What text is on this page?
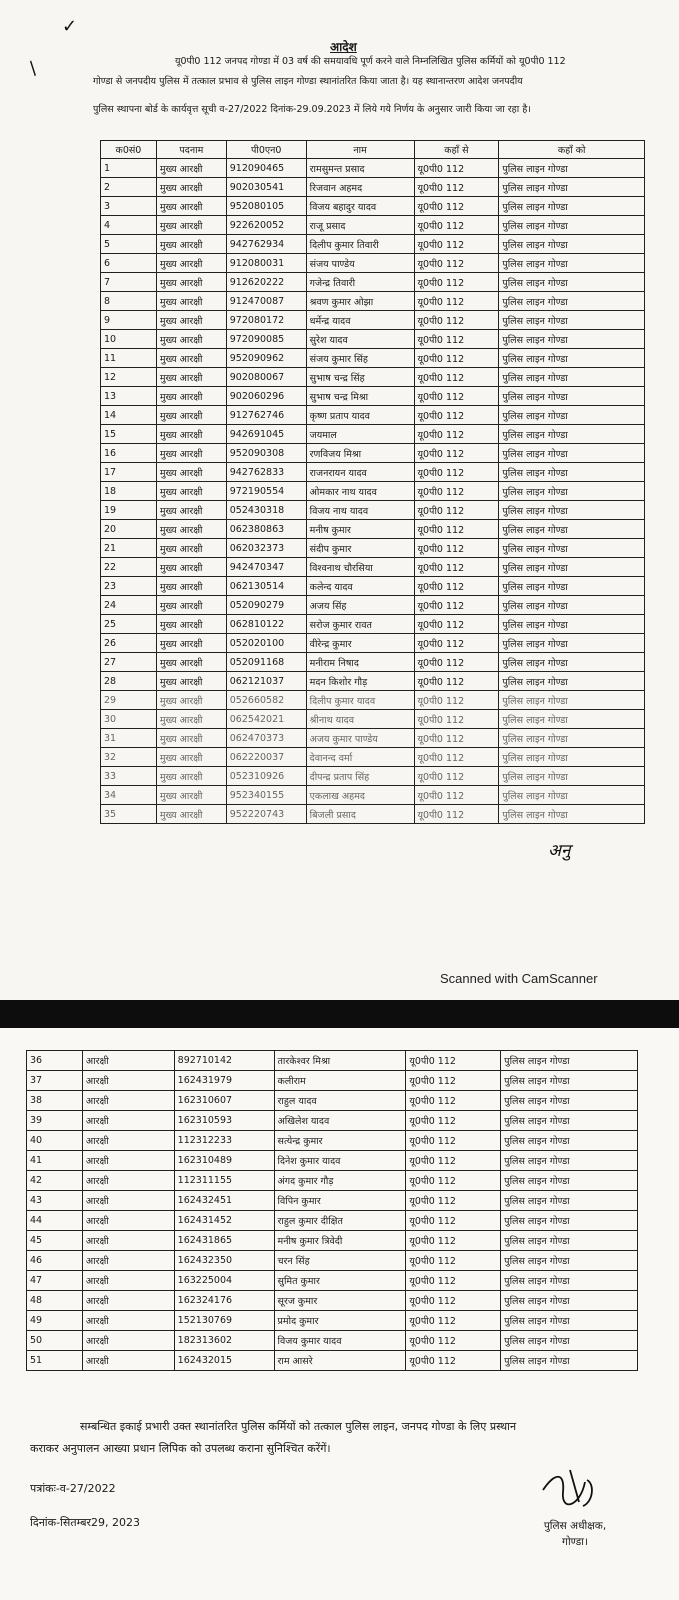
✓
/
आदेश
यू0पी0 112 जनपद गोण्डा में 03 वर्ष की समयावधि पूर्ण करने वाले निम्नलिखित पुलिस कर्मियों को यू0पी0 112
गोण्डा से जनपदीय पुलिस में तत्काल प्रभाव से पुलिस लाइन गोण्डा स्थानांतरित किया जाता है। यह स्थानान्तरण आदेश जनपदीय
पुलिस स्थापना बोर्ड के कार्यवृत्त सूची व-27/2022 दिनांक-29.09.2023 में लिये गये निर्णय के अनुसार जारी किया जा रहा है।
क0सं0	पदनाम	पी0एन0	नाम	कहाँ से	कहाँ को
1	मुख्य आरक्षी	912090465	रामसुमन्त प्रसाद	यू0पी0 112	पुलिस लाइन गोण्डा
2	मुख्य आरक्षी	902030541	रिजवान अहमद	यू0पी0 112	पुलिस लाइन गोण्डा
3	मुख्य आरक्षी	952080105	विजय बहादुर यादव	यू0पी0 112	पुलिस लाइन गोण्डा
4	मुख्य आरक्षी	922620052	राजू प्रसाद	यू0पी0 112	पुलिस लाइन गोण्डा
5	मुख्य आरक्षी	942762934	दिलीप कुमार तिवारी	यू0पी0 112	पुलिस लाइन गोण्डा
6	मुख्य आरक्षी	912080031	संजय पाण्डेय	यू0पी0 112	पुलिस लाइन गोण्डा
7	मुख्य आरक्षी	912620222	गजेन्द्र तिवारी	यू0पी0 112	पुलिस लाइन गोण्डा
8	मुख्य आरक्षी	912470087	श्रवण कुमार ओझा	यू0पी0 112	पुलिस लाइन गोण्डा
9	मुख्य आरक्षी	972080172	धर्मेन्द्र यादव	यू0पी0 112	पुलिस लाइन गोण्डा
10	मुख्य आरक्षी	972090085	सुरेश यादव	यू0पी0 112	पुलिस लाइन गोण्डा
11	मुख्य आरक्षी	952090962	संजय कुमार सिंह	यू0पी0 112	पुलिस लाइन गोण्डा
12	मुख्य आरक्षी	902080067	सुभाष चन्द्र सिंह	यू0पी0 112	पुलिस लाइन गोण्डा
13	मुख्य आरक्षी	902060296	सुभाष चन्द्र मिश्रा	यू0पी0 112	पुलिस लाइन गोण्डा
14	मुख्य आरक्षी	912762746	कृष्ण प्रताप यादव	यू0पी0 112	पुलिस लाइन गोण्डा
15	मुख्य आरक्षी	942691045	जयमाल	यू0पी0 112	पुलिस लाइन गोण्डा
16	मुख्य आरक्षी	952090308	रणविजय मिश्रा	यू0पी0 112	पुलिस लाइन गोण्डा
17	मुख्य आरक्षी	942762833	राजनरायन यादव	यू0पी0 112	पुलिस लाइन गोण्डा
18	मुख्य आरक्षी	972190554	ओमकार नाथ यादव	यू0पी0 112	पुलिस लाइन गोण्डा
19	मुख्य आरक्षी	052430318	विजय नाथ यादव	यू0पी0 112	पुलिस लाइन गोण्डा
20	मुख्य आरक्षी	062380863	मनीष कुमार	यू0पी0 112	पुलिस लाइन गोण्डा
21	मुख्य आरक्षी	062032373	संदीप कुमार	यू0पी0 112	पुलिस लाइन गोण्डा
22	मुख्य आरक्षी	942470347	विश्वनाथ चौरसिया	यू0पी0 112	पुलिस लाइन गोण्डा
23	मुख्य आरक्षी	062130514	कलेन्द यादव	यू0पी0 112	पुलिस लाइन गोण्डा
24	मुख्य आरक्षी	052090279	अजय सिंह	यू0पी0 112	पुलिस लाइन गोण्डा
25	मुख्य आरक्षी	062810122	सरोज कुमार रावत	यू0पी0 112	पुलिस लाइन गोण्डा
26	मुख्य आरक्षी	052020100	वीरेन्द्र कुमार	यू0पी0 112	पुलिस लाइन गोण्डा
27	मुख्य आरक्षी	052091168	मनीराम निषाद	यू0पी0 112	पुलिस लाइन गोण्डा
28	मुख्य आरक्षी	062121037	मदन किशोर गौड़	यू0पी0 112	पुलिस लाइन गोण्डा
29	मुख्य आरक्षी	052660582	दिलीप कुमार यादव	यू0पी0 112	पुलिस लाइन गोण्डा
30	मुख्य आरक्षी	062542021	श्रीनाथ यादव	यू0पी0 112	पुलिस लाइन गोण्डा
31	मुख्य आरक्षी	062470373	अजय कुमार पाण्डेय	यू0पी0 112	पुलिस लाइन गोण्डा
32	मुख्य आरक्षी	062220037	देवानन्द वर्मा	यू0पी0 112	पुलिस लाइन गोण्डा
33	मुख्य आरक्षी	052310926	दीपन्द्र प्रताप सिंह	यू0पी0 112	पुलिस लाइन गोण्डा
34	मुख्य आरक्षी	952340155	एकलाख अहमद	यू0पी0 112	पुलिस लाइन गोण्डा
35	मुख्य आरक्षी	952220743	बिजली प्रसाद	यू0पी0 112	पुलिस लाइन गोण्डा
अनु
Scanned with CamScanner
36	आरक्षी	892710142	तारकेश्वर मिश्रा	यू0पी0 112	पुलिस लाइन गोण्डा
37	आरक्षी	162431979	कलीराम	यू0पी0 112	पुलिस लाइन गोण्डा
38	आरक्षी	162310607	राहुल यादव	यू0पी0 112	पुलिस लाइन गोण्डा
39	आरक्षी	162310593	अखिलेश यादव	यू0पी0 112	पुलिस लाइन गोण्डा
40	आरक्षी	112312233	सत्येन्द्र कुमार	यू0पी0 112	पुलिस लाइन गोण्डा
41	आरक्षी	162310489	दिनेश कुमार यादव	यू0पी0 112	पुलिस लाइन गोण्डा
42	आरक्षी	112311155	अंगद कुमार गौड़	यू0पी0 112	पुलिस लाइन गोण्डा
43	आरक्षी	162432451	विपिन कुमार	यू0पी0 112	पुलिस लाइन गोण्डा
44	आरक्षी	162431452	राहुल कुमार दीक्षित	यू0पी0 112	पुलिस लाइन गोण्डा
45	आरक्षी	162431865	मनीष कुमार त्रिवेदी	यू0पी0 112	पुलिस लाइन गोण्डा
46	आरक्षी	162432350	चरन सिंह	यू0पी0 112	पुलिस लाइन गोण्डा
47	आरक्षी	163225004	सुमित कुमार	यू0पी0 112	पुलिस लाइन गोण्डा
48	आरक्षी	162324176	सूरज कुमार	यू0पी0 112	पुलिस लाइन गोण्डा
49	आरक्षी	152130769	प्रमोद कुमार	यू0पी0 112	पुलिस लाइन गोण्डा
50	आरक्षी	182313602	विजय कुमार यादव	यू0पी0 112	पुलिस लाइन गोण्डा
51	आरक्षी	162432015	राम आसरे	यू0पी0 112	पुलिस लाइन गोण्डा
सम्बन्धित इकाई प्रभारी उक्त स्थानांतरित पुलिस कर्मियों को तत्काल पुलिस लाइन, जनपद गोण्डा के लिए प्रस्थान
कराकर अनुपालन आख्या प्रधान लिपिक को उपलब्ध कराना सुनिश्चित करेंगें।
पत्रांकः-व-27/2022
दिनांक-सितम्बर29, 2023	पुलिस अधीक्षक,
गोण्डा।
